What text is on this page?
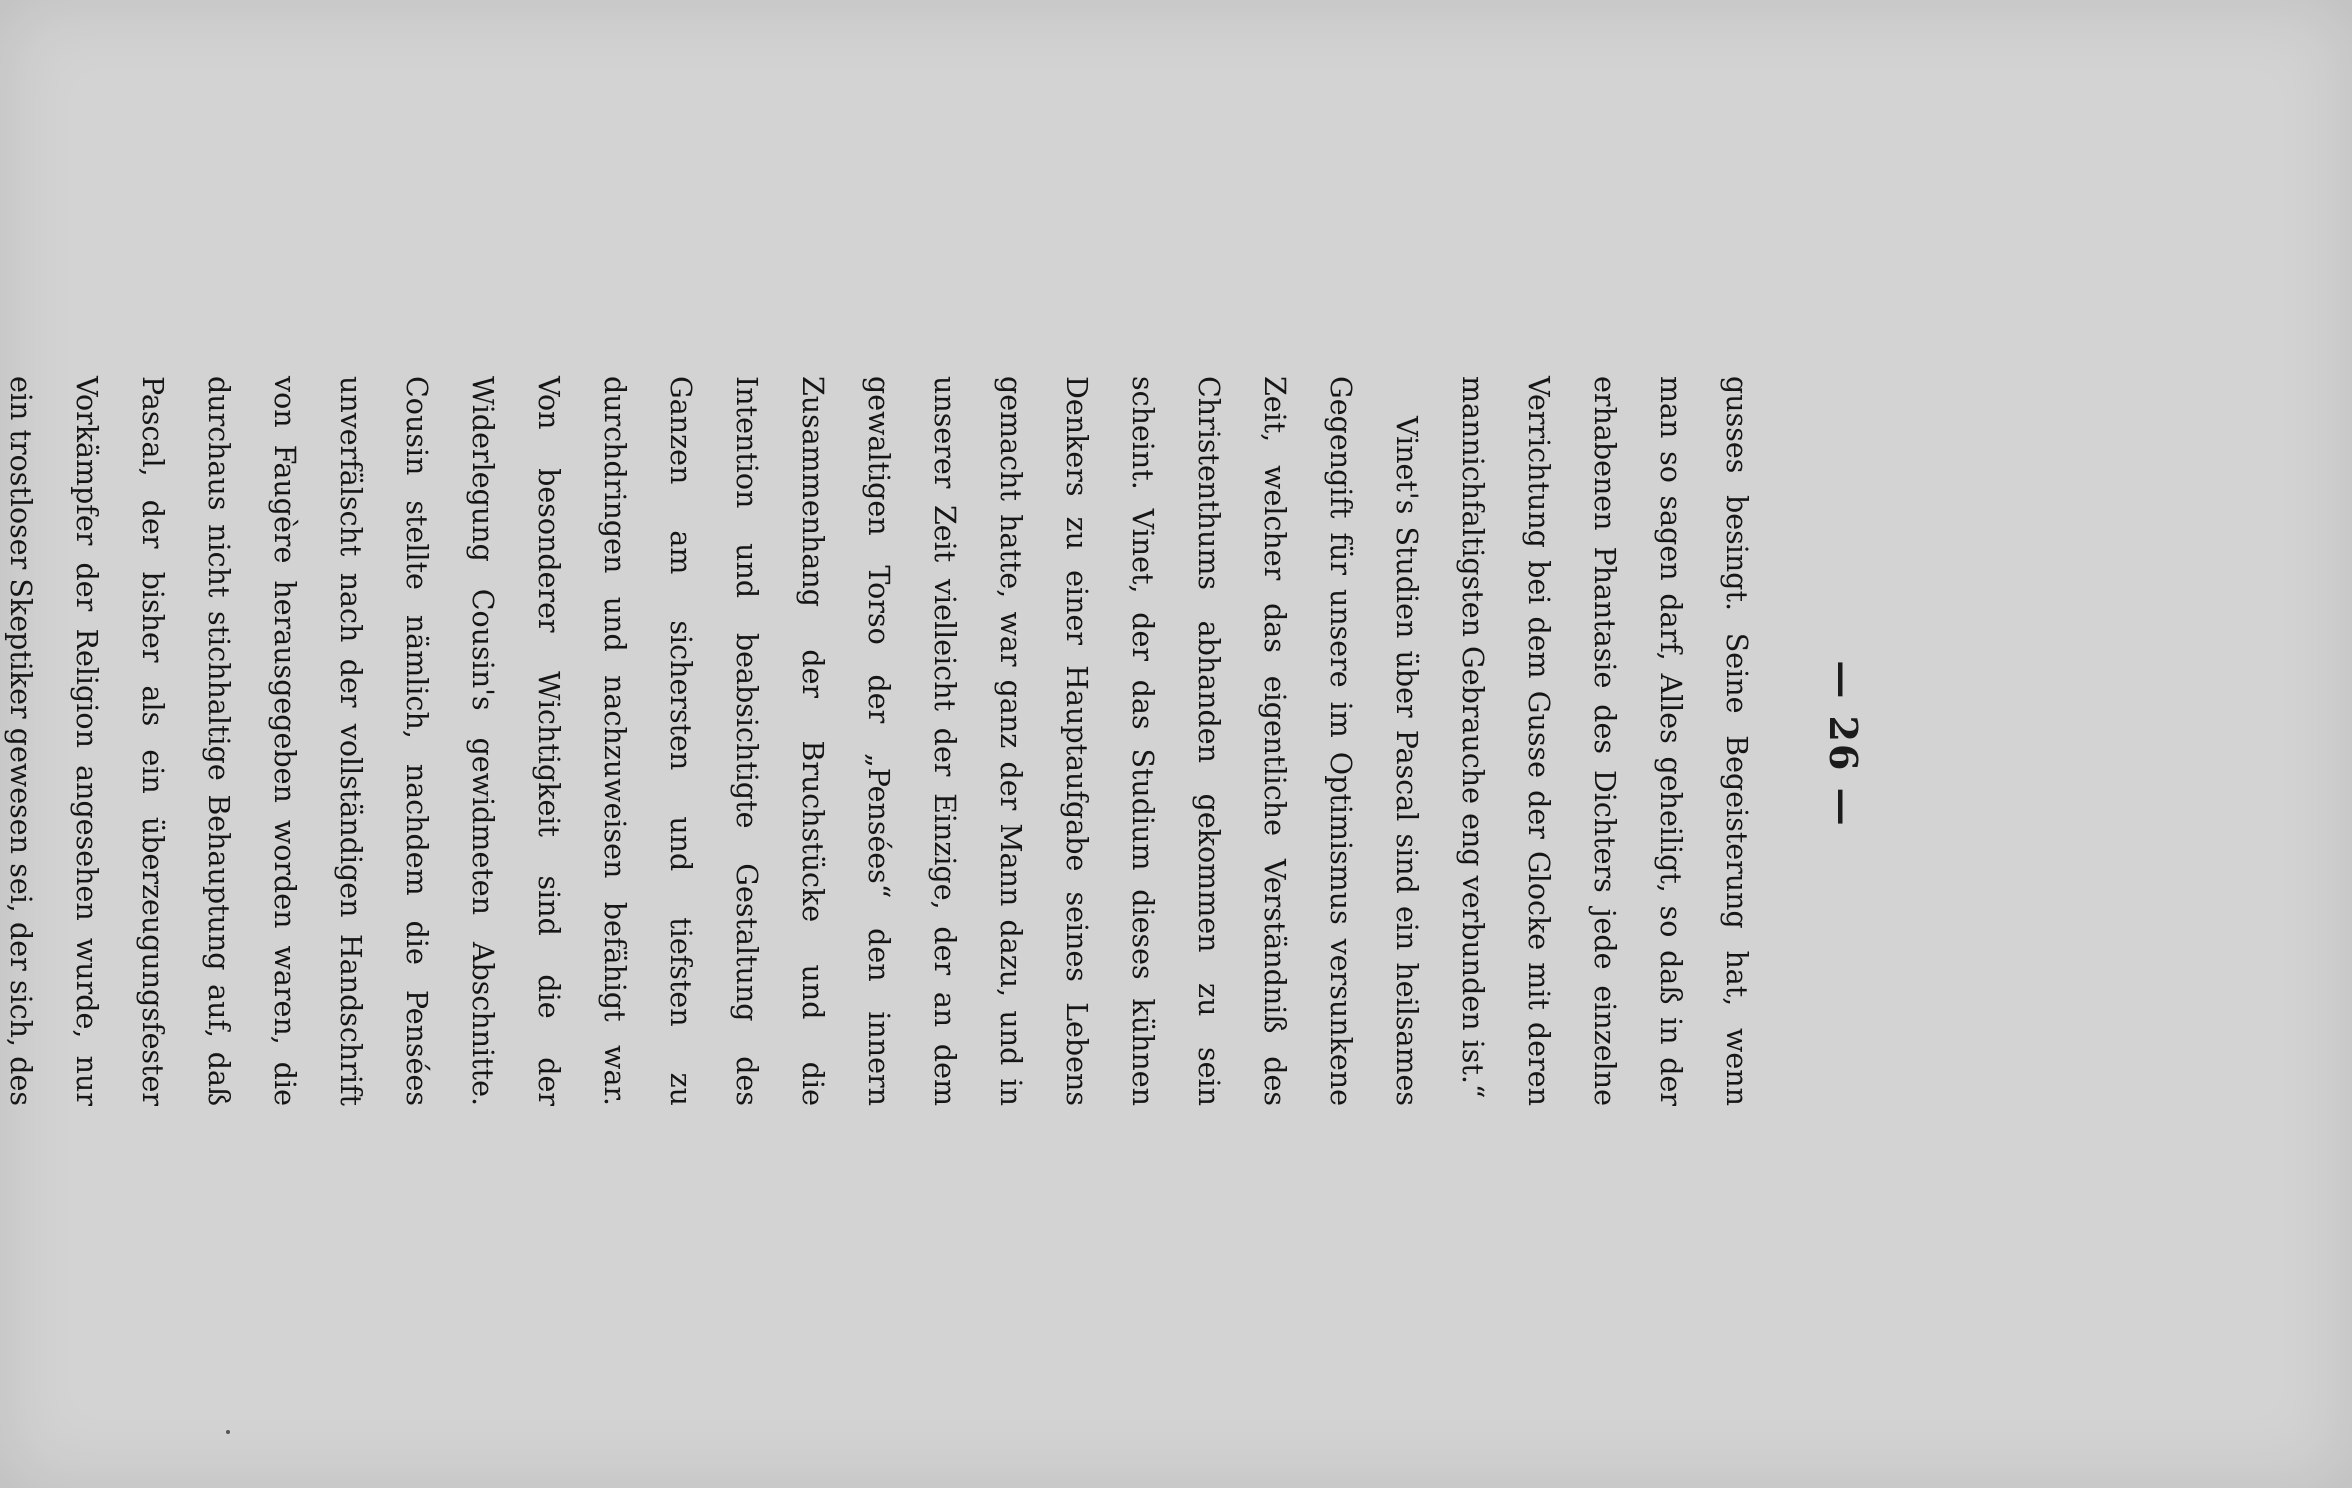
— 26 —

gusses besingt. Seine Begeisterung hat, wenn man so sagen darf, Alles geheiligt, so daß in der erhabenen Phantasie des Dichters jede einzelne Verrichtung bei dem Gusse der Glocke mit deren mannichfaltigsten Gebrauche eng verbunden ist.“

Vinet's Studien über Pascal sind ein heilsames Gegengift für unsere im Optimismus versunkene Zeit, welcher das eigentliche Verständniß des Christenthums abhanden gekommen zu sein scheint. Vinet, der das Studium dieses kühnen Denkers zu einer Hauptaufgabe seines Lebens gemacht hatte, war ganz der Mann dazu, und in unserer Zeit vielleicht der Einzige, der an dem gewaltigen Torso der „Pensées“ den innern Zusammenhang der Bruchstücke und die Intention und beabsichtigte Gestaltung des Ganzen am sichersten und tiefsten zu durchdringen und nachzuweisen befähigt war. Von besonderer Wichtigkeit sind die der Widerlegung Cousin's gewidmeten Abschnitte. Cousin stellte nämlich, nachdem die Pensées unverfälscht nach der vollständigen Handschrift von Faugère herausgegeben worden waren, die durchaus nicht stichhaltige Behauptung auf, daß Pascal, der bisher als ein überzeugungsfester Vorkämpfer der Religion angesehen wurde, nur ein trostloser Skeptiker gewesen sei, der sich, des
